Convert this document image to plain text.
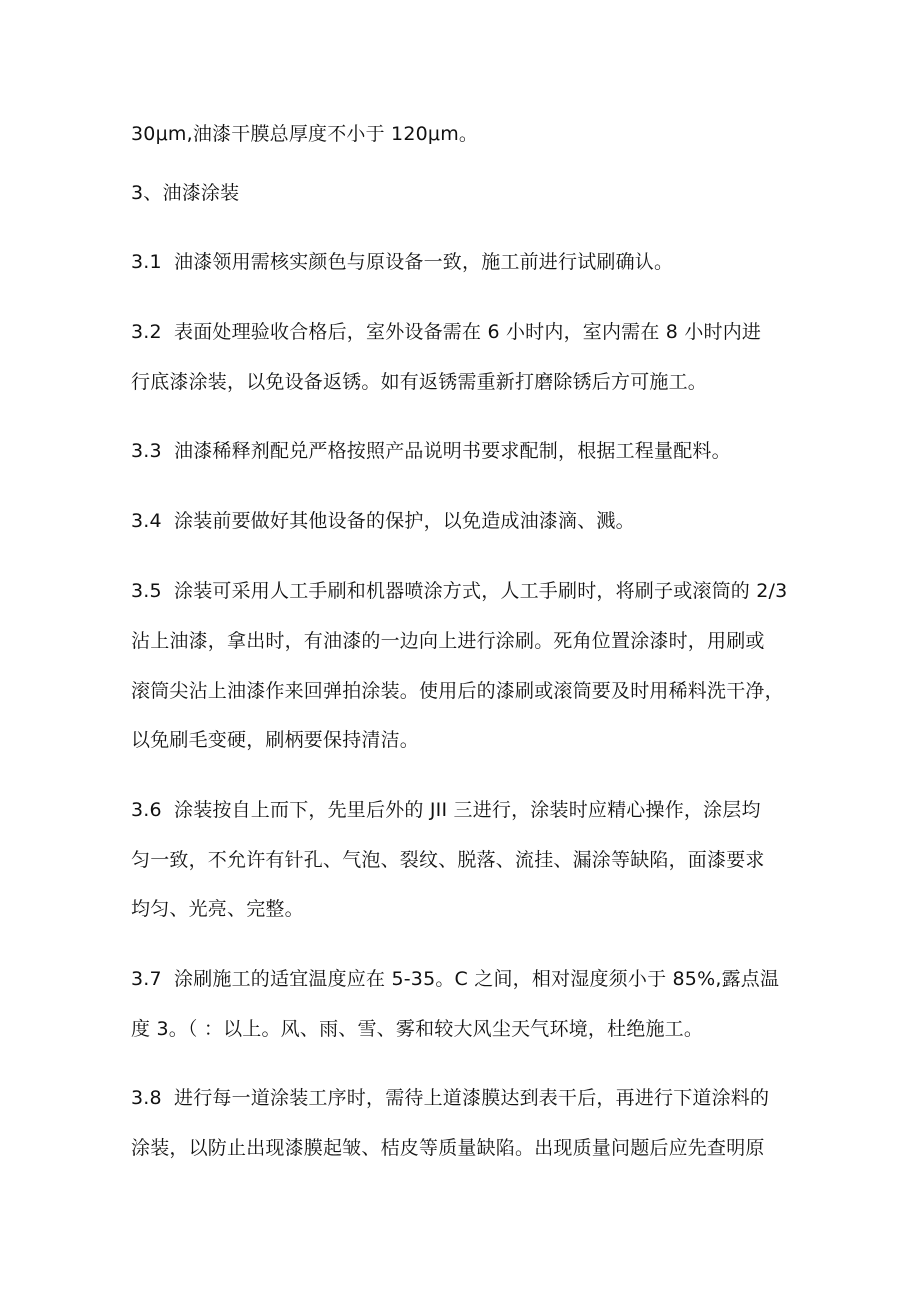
30μm,油漆干膜总厚度不小于 120μm。
3、油漆涂装
3.1 油漆领用需核实颜色与原设备一致，施工前进行试刷确认。
3.2 表面处理验收合格后，室外设备需在 6 小时内，室内需在 8 小时内进
行底漆涂装，以免设备返锈。如有返锈需重新打磨除锈后方可施工。
3.3 油漆稀释剂配兑严格按照产品说明书要求配制，根据工程量配料。
3.4 涂装前要做好其他设备的保护，以免造成油漆滴、溅。
3.5 涂装可采用人工手刷和机器喷涂方式，人工手刷时，将刷子或滚筒的 2/3
沾上油漆，拿出时，有油漆的一边向上进行涂刷。死角位置涂漆时，用刷或
滚筒尖沾上油漆作来回弹拍涂装。使用后的漆刷或滚筒要及时用稀料洗干净，
以免刷毛变硬，刷柄要保持清洁。
3.6 涂装按自上而下，先里后外的 JII 三进行，涂装时应精心操作，涂层均
匀一致，不允许有针孔、气泡、裂纹、脱落、流挂、漏涂等缺陷，面漆要求
均匀、光亮、完整。
3.7 涂刷施工的适宜温度应在 5-35。C 之间，相对湿度须小于 85%,露点温
度 3。（ ：以上。风、雨、雪、雾和较大风尘天气环境，杜绝施工。
3.8 进行每一道涂装工序时，需待上道漆膜达到表干后，再进行下道涂料的
涂装，以防止出现漆膜起皱、桔皮等质量缺陷。出现质量问题后应先查明原
